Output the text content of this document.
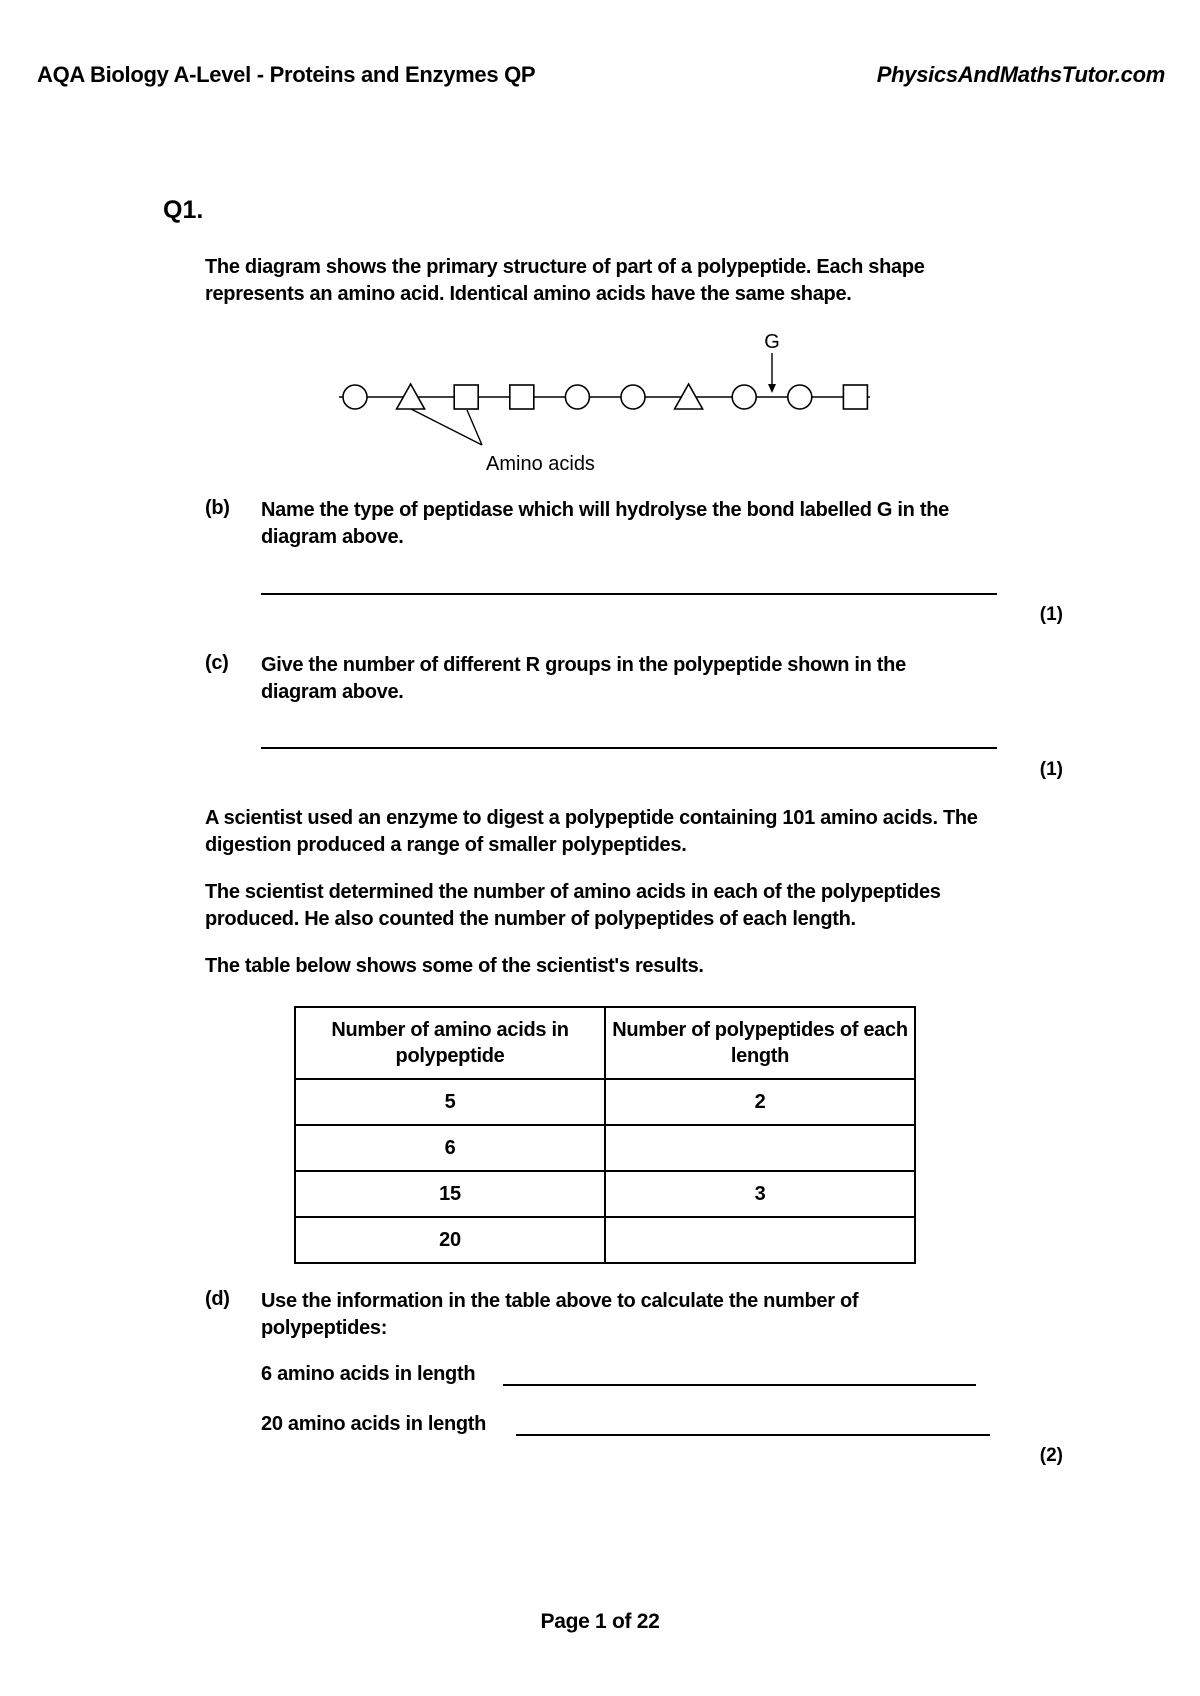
AQA Biology A-Level - Proteins and Enzymes QP	PhysicsAndMathsTutor.com
Q1.
The diagram shows the primary structure of part of a polypeptide. Each shape represents an amino acid. Identical amino acids have the same shape.
G
Amino acids
(b) Name the type of peptidase which will hydrolyse the bond labelled G in the diagram above.
(1)
(c) Give the number of different R groups in the polypeptide shown in the diagram above.
(1)
A scientist used an enzyme to digest a polypeptide containing 101 amino acids. The digestion produced a range of smaller polypeptides.
The scientist determined the number of amino acids in each of the polypeptides produced. He also counted the number of polypeptides of each length.
The table below shows some of the scientist's results.
Number of amino acids in polypeptide	Number of polypeptides of each length
5	2
6	
15	3
20	
(d) Use the information in the table above to calculate the number of polypeptides:
6 amino acids in length
20 amino acids in length
(2)
Page 1 of 22
